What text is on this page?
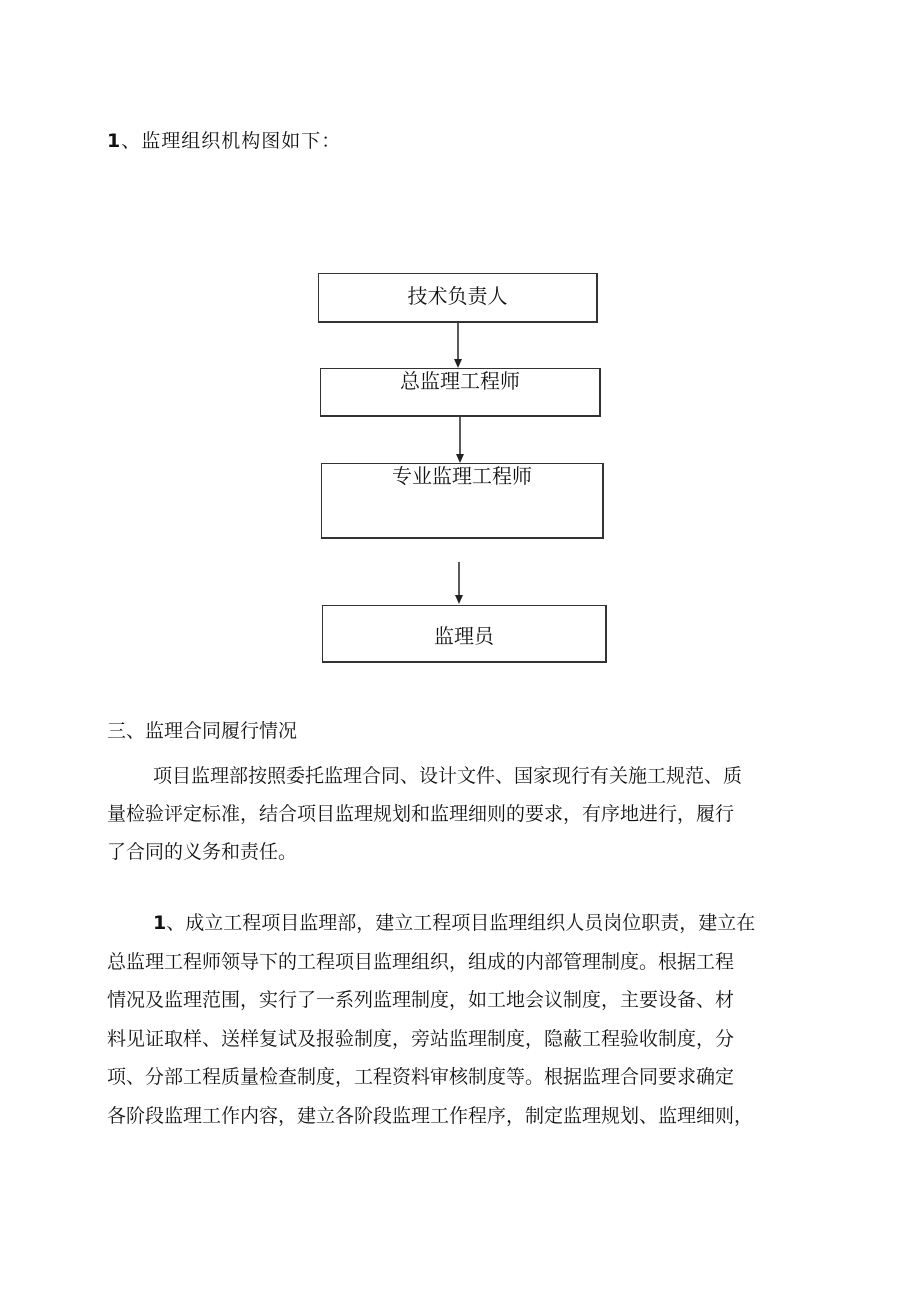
1、监理组织机构图如下：
技术负责人
总监理工程师
专业监理工程师
监理员
三、监理合同履行情况
项目监理部按照委托监理合同、设计文件、国家现行有关施工规范、质
量检验评定标准，结合项目监理规划和监理细则的要求，有序地进行，履行
了合同的义务和责任。
1、成立工程项目监理部，建立工程项目监理组织人员岗位职责，建立在
总监理工程师领导下的工程项目监理组织，组成的内部管理制度。根据工程
情况及监理范围，实行了一系列监理制度，如工地会议制度，主要设备、材
料见证取样、送样复试及报验制度，旁站监理制度，隐蔽工程验收制度，分
项、分部工程质量检查制度，工程资料审核制度等。根据监理合同要求确定
各阶段监理工作内容，建立各阶段监理工作程序，制定监理规划、监理细则，
